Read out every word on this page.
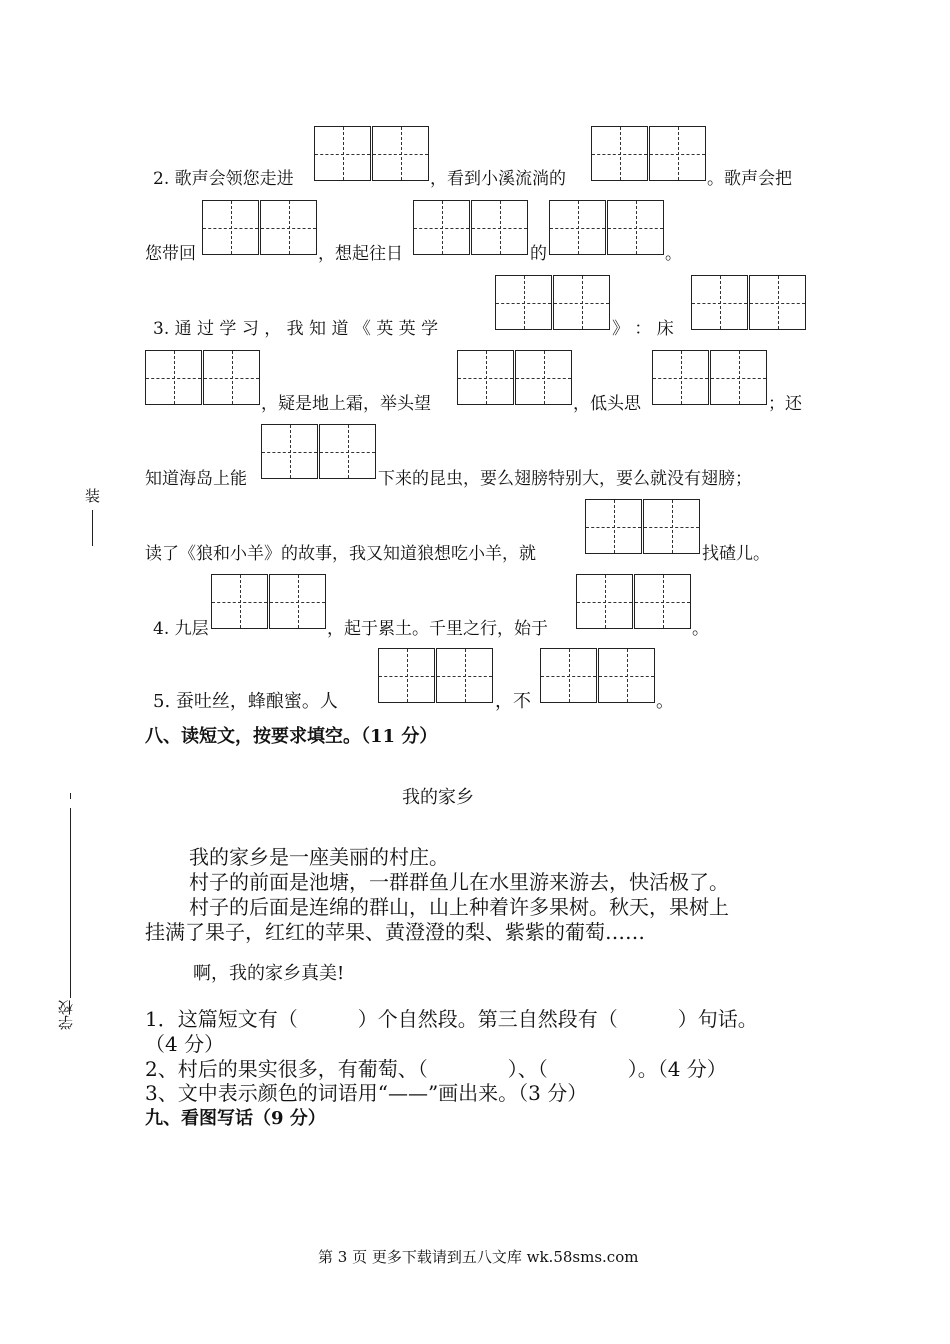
装
学校
2. 歌声会领您走进	，看到小溪流淌的	。歌声会把
您带回	，想起往日	的	。
3. 通 过 学 习 ， 我 知 道 《 英 英 学	》 ： 床
，疑是地上霜，举头望	，低头思	；还
知道海岛上能	下来的昆虫，要么翅膀特别大，要么就没有翅膀；
读了《狼和小羊》的故事，我又知道狼想吃小羊，就	找碴儿。
4. 九层	，起于累土。千里之行，始于	。
5. 蚕吐丝，蜂酿蜜。人	，不	。
八、读短文，按要求填空。（11 分）
我的家乡
我的家乡是一座美丽的村庄。
村子的前面是池塘，一群群鱼儿在水里游来游去，快活极了。
村子的后面是连绵的群山，山上种着许多果树。秋天，果树上
挂满了果子，红红的苹果、黄澄澄的梨、紫紫的葡萄……
啊，我的家乡真美!
1．这篇短文有（　　　）个自然段。第三自然段有（　　　）句话。
（4 分）
2、村后的果实很多，有葡萄、（　　　　）、（　　　　）。（4 分）
3、文中表示颜色的词语用“——”画出来。（3 分）
九、看图写话（9 分）
第 3 页 更多下载请到五八文库 wk.58sms.com
